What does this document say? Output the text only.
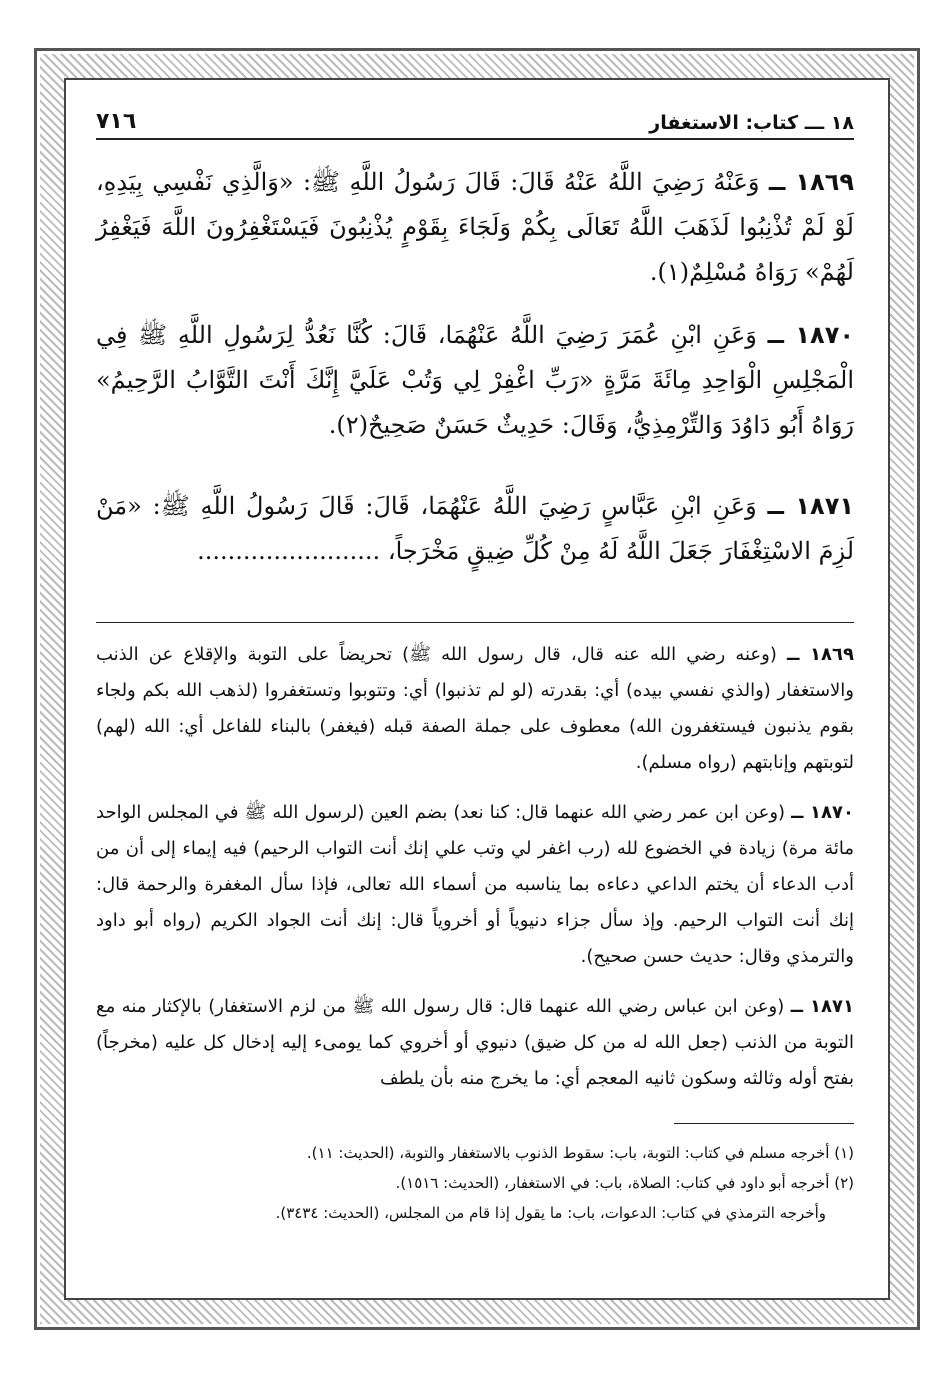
١٨ ـــ كتاب: الاستغفار
٧١٦

١٨٦٩ ــ وَعَنْهُ رَضِيَ اللَّهُ عَنْهُ قَالَ: قَالَ رَسُولُ اللَّهِ ﷺ: «وَالَّذِي نَفْسِي بِيَدِهِ، لَوْ لَمْ تُذْنِبُوا لَذَهَبَ اللَّهُ تَعَالَى بِكُمْ وَلَجَاءَ بِقَوْمٍ يُذْنِبُونَ فَيَسْتَغْفِرُونَ اللَّهَ فَيَغْفِرُ لَهُمْ» رَوَاهُ مُسْلِمٌ(١).

١٨٧٠ ــ وَعَنِ ابْنِ عُمَرَ رَضِيَ اللَّهُ عَنْهُمَا، قَالَ: كُنَّا نَعُدُّ لِرَسُولِ اللَّهِ ﷺ فِي الْمَجْلِسِ الْوَاحِدِ مِائَةَ مَرَّةٍ «رَبِّ اغْفِرْ لِي وَتُبْ عَلَيَّ إِنَّكَ أَنْتَ التَّوَّابُ الرَّحِيمُ» رَوَاهُ أَبُو دَاوُدَ وَالتِّرْمِذِيُّ، وَقَالَ: حَدِيثٌ حَسَنٌ صَحِيحٌ(٢).

١٨٧١ ــ وَعَنِ ابْنِ عَبَّاسٍ رَضِيَ اللَّهُ عَنْهُمَا، قَالَ: قَالَ رَسُولُ اللَّهِ ﷺ: «مَنْ لَزِمَ الاسْتِغْفَارَ جَعَلَ اللَّهُ لَهُ مِنْ كُلِّ ضِيقٍ مَخْرَجاً، ........................

١٨٦٩ ــ (وعنه رضي الله عنه قال، قال رسول الله ﷺ) تحريضاً على التوبة والإقلاع عن الذنب والاستغفار (والذي نفسي بيده) أي: بقدرته (لو لم تذنبوا) أي: وتتوبوا وتستغفروا (لذهب الله بكم ولجاء بقوم يذنبون فيستغفرون الله) معطوف على جملة الصفة قبله (فيغفر) بالبناء للفاعل أي: الله (لهم) لتوبتهم وإنابتهم (رواه مسلم).

١٨٧٠ ــ (وعن ابن عمر رضي الله عنهما قال: كنا نعد) بضم العين (لرسول الله ﷺ في المجلس الواحد مائة مرة) زيادة في الخضوع لله (رب اغفر لي وتب علي إنك أنت التواب الرحيم) فيه إيماء إلى أن من أدب الدعاء أن يختم الداعي دعاءه بما يناسبه من أسماء الله تعالى، فإذا سأل المغفرة والرحمة قال: إنك أنت التواب الرحيم. وإذ سأل جزاء دنيوياً أو أخروياً قال: إنك أنت الجواد الكريم (رواه أبو داود والترمذي وقال: حديث حسن صحيح).

١٨٧١ ــ (وعن ابن عباس رضي الله عنهما قال: قال رسول الله ﷺ من لزم الاستغفار) بالإكثار منه مع التوبة من الذنب (جعل الله له من كل ضيق) دنيوي أو أخروي كما يومىء إليه إدخال كل عليه (مخرجاً) بفتح أوله وثالثه وسكون ثانيه المعجم أي: ما يخرج منه بأن يلطف

(١) أخرجه مسلم في كتاب: التوبة، باب: سقوط الذنوب بالاستغفار والتوبة، (الحديث: ١١).

(٢) أخرجه أبو داود في كتاب: الصلاة، باب: في الاستغفار، (الحديث: ١٥١٦).

وأخرجه الترمذي في كتاب: الدعوات، باب: ما يقول إذا قام من المجلس، (الحديث: ٣٤٣٤).
